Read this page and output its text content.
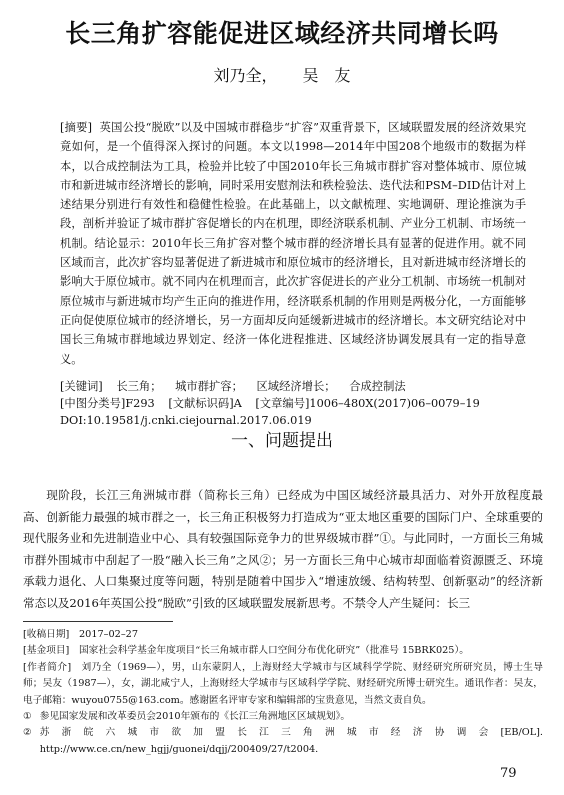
长三角扩容能促进区域经济共同增长吗
刘乃全， 吴　友
[摘要] 英国公投“脱欧”以及中国城市群稳步“扩容”双重背景下，区域联盟发展的经济效果究竟如何，是一个值得深入探讨的问题。本文以1998—2014年中国208个地级市的数据为样本，以合成控制法为工具，检验并比较了中国2010年长三角城市群扩容对整体城市、原位城市和新进城市经济增长的影响，同时采用安慰剂法和秩检验法、迭代法和PSM–DID估计对上述结果分别进行有效性和稳健性检验。在此基础上，以文献梳理、实地调研、理论推演为手段，剖析并验证了城市群扩容促增长的内在机理，即经济联系机制、产业分工机制、市场统一机制。结论显示：2010年长三角扩容对整个城市群的经济增长具有显著的促进作用。就不同区域而言，此次扩容均显著促进了新进城市和原位城市的经济增长，且对新进城市经济增长的影响大于原位城市。就不同内在机理而言，此次扩容促进长的产业分工机制、市场统一机制对原位城市与新进城市均产生正向的推进作用，经济联系机制的作用则是两极分化，一方面能够正向促使原位城市的经济增长，另一方面却反向延缓新进城市的经济增长。本文研究结论对中国长三角城市群地域边界划定、经济一体化进程推进、区域经济协调发展具有一定的指导意义。
[关键词] 长三角； 城市群扩容； 区域经济增长； 合成控制法
[中图分类号]F293 [文献标识码]A [文章编号]1006–480X(2017)06–0079–19
DOI:10.19581/j.cnki.ciejournal.2017.06.019
一、问题提出
现阶段，长江三角洲城市群（简称长三角）已经成为中国区域经济最具活力、对外开放程度最高、创新能力最强的城市群之一，长三角正积极努力打造成为“亚太地区重要的国际门户、全球重要的现代服务业和先进制造业中心、具有较强国际竞争力的世界级城市群”①。与此同时，一方面长三角城市群外围城市中刮起了一股“融入长三角”之风②；另一方面长三角中心城市却面临着资源匮乏、环境承载力退化、人口集聚过度等问题，特别是随着中国步入“增速放缓、结构转型、创新驱动”的经济新常态以及2016年英国公投“脱欧”引致的区域联盟发展新思考。不禁令人产生疑问：长三
[收稿日期]　2017–02–27
[基金项目]　国家社会科学基金年度项目“长三角城市群人口空间分布优化研究”（批准号 15BRK025）。
[作者简介]　刘乃全（1969—），男，山东蒙阴人，上海财经大学城市与区域科学学院、财经研究所研究员，博士生导师；吴友（1987—），女，湖北咸宁人，上海财经大学城市与区域科学学院、财经研究所博士研究生。通讯作者：吴友，电子邮箱：wuyou0755@163.com。感谢匿名评审专家和编辑部的宝贵意见，当然文责自负。
① 参见国家发展和改革委员会2010年颁布的《长江三角洲地区区域规划》。
② 苏浙皖六城市欲加盟长江三角洲城市经济协调会[EB/OL]. http://www.ce.cn/new_hgjj/guonei/dqjj/200409/27/t2004.
79
